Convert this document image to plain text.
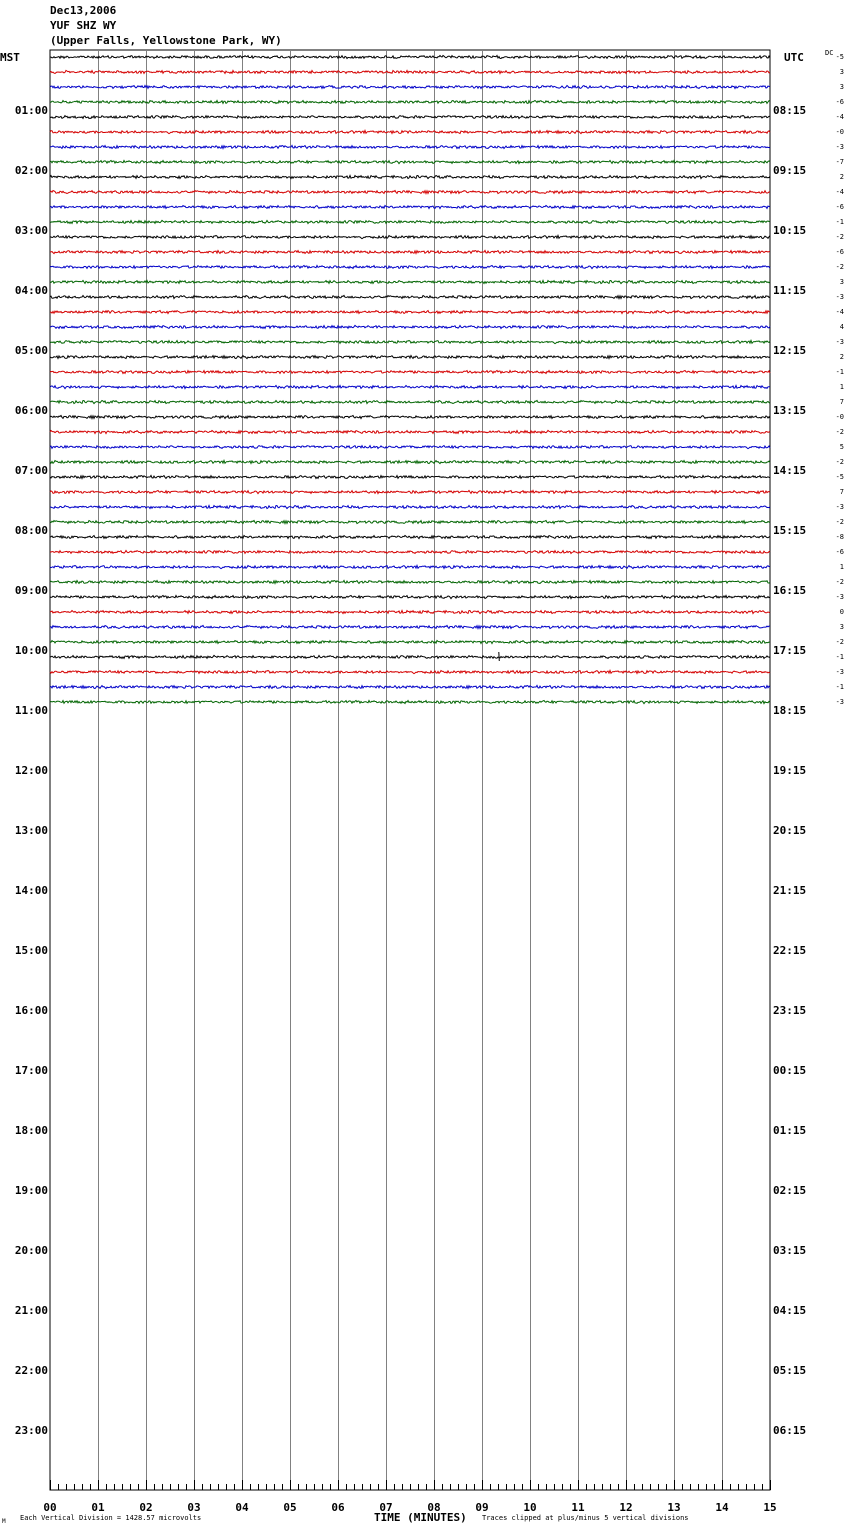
Dec13,2006
YUF SHZ WY
(Upper Falls, Yellowstone Park, WY)
MST	UTC	DC
00	01	02	03	04	05	06	07	08	09	10	11	12	13	14	15
01:00
02:00
03:00
04:00
05:00
06:00
07:00
08:00
09:00
10:00
11:00
12:00
13:00
14:00
15:00
16:00
17:00
18:00
19:00
20:00
21:00
22:00
23:00
08:15
09:15
10:15
11:15
12:15
13:15
14:15
15:15
16:15
17:15
18:15
19:15
20:15
21:15
22:15
23:15
00:15
01:15
02:15
03:15
04:15
05:15
06:15
-5
3
3
-6
-4
-0
-3
-7
2
-4
-6
-1
-2
-6
-2
3
-3
-4
4
-3
2
-1
1
7
-0
-2
5
-2
-5
7
-3
-2
-8
-6
1
-2
-3
0
3
-2
-1
-3
-1
-3
TIME (MINUTES)
Each Vertical Division = 1428.57 microvolts	Traces clipped at plus/minus 5 vertical divisions
M
